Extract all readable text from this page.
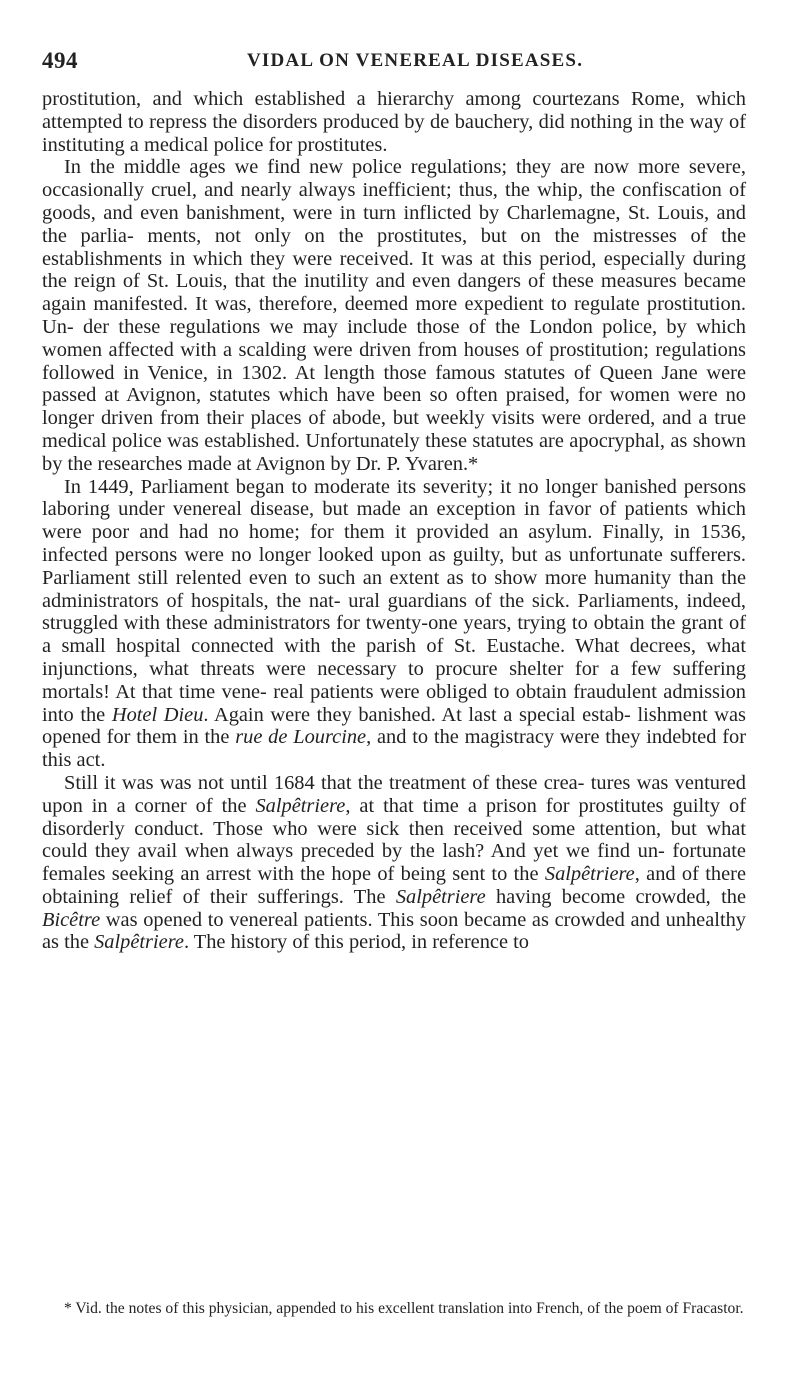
494	VIDAL ON VENEREAL DISEASES.

prostitution, and which established a hierarchy among courtezans Rome, which attempted to repress the disorders produced by de bauchery, did nothing in the way of instituting a medical police for prostitutes.

In the middle ages we find new police regulations; they are now more severe, occasionally cruel, and nearly always inefficient; thus, the whip, the confiscation of goods, and even banishment, were in turn inflicted by Charlemagne, St. Louis, and the parlia- ments, not only on the prostitutes, but on the mistresses of the establishments in which they were received. It was at this period, especially during the reign of St. Louis, that the inutility and even dangers of these measures became again manifested. It was, therefore, deemed more expedient to regulate prostitution. Un- der these regulations we may include those of the London police, by which women affected with a scalding were driven from houses of prostitution; regulations followed in Venice, in 1302. At length those famous statutes of Queen Jane were passed at Avignon, statutes which have been so often praised, for women were no longer driven from their places of abode, but weekly visits were ordered, and a true medical police was established. Unfortunately these statutes are apocryphal, as shown by the researches made at Avignon by Dr. P. Yvaren.*

In 1449, Parliament began to moderate its severity; it no longer banished persons laboring under venereal disease, but made an exception in favor of patients which were poor and had no home; for them it provided an asylum. Finally, in 1536, infected persons were no longer looked upon as guilty, but as unfortunate sufferers. Parliament still relented even to such an extent as to show more humanity than the administrators of hospitals, the nat- ural guardians of the sick. Parliaments, indeed, struggled with these administrators for twenty-one years, trying to obtain the grant of a small hospital connected with the parish of St. Eustache. What decrees, what injunctions, what threats were necessary to procure shelter for a few suffering mortals! At that time vene- real patients were obliged to obtain fraudulent admission into the Hotel Dieu. Again were they banished. At last a special estab- lishment was opened for them in the rue de Lourcine, and to the magistracy were they indebted for this act.

Still it was was not until 1684 that the treatment of these crea- tures was ventured upon in a corner of the Salpêtriere, at that time a prison for prostitutes guilty of disorderly conduct. Those who were sick then received some attention, but what could they avail when always preceded by the lash? And yet we find un- fortunate females seeking an arrest with the hope of being sent to the Salpêtriere, and of there obtaining relief of their sufferings. The Salpêtriere having become crowded, the Bicêtre was opened to venereal patients. This soon became as crowded and unhealthy as the Salpêtriere. The history of this period, in reference to

* Vid. the notes of this physician, appended to his excellent translation into French, of the poem of Fracastor.
